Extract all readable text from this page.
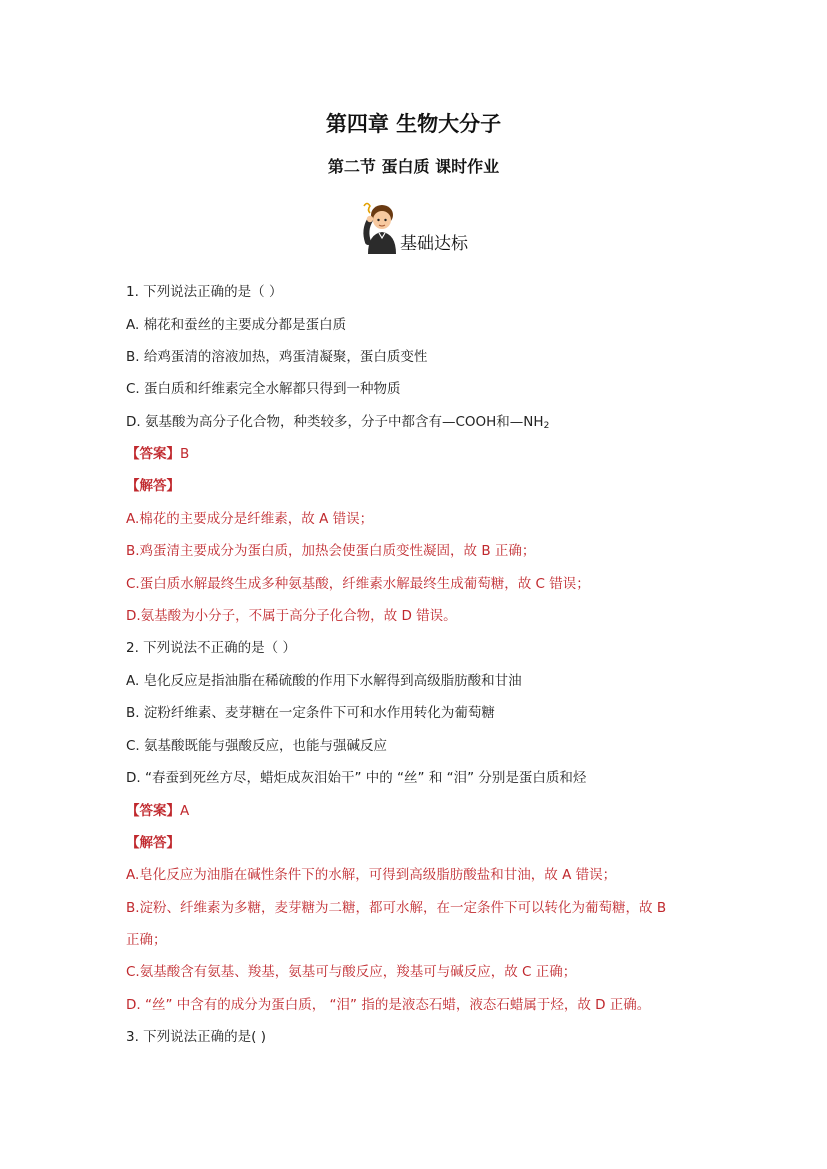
第四章 生物大分子
第二节 蛋白质 课时作业
基础达标
1. 下列说法正确的是（ ）
A. 棉花和蚕丝的主要成分都是蛋白质
B. 给鸡蛋清的溶液加热，鸡蛋清凝聚，蛋白质变性
C. 蛋白质和纤维素完全水解都只得到一种物质
D. 氨基酸为高分子化合物，种类较多，分子中都含有—COOH和$—NH_2$
【答案】B
【解答】
A.棉花的主要成分是纤维素，故 A 错误；
B.鸡蛋清主要成分为蛋白质，加热会使蛋白质变性凝固，故 B 正确；
C.蛋白质水解最终生成多种氨基酸，纤维素水解最终生成葡萄糖，故 C 错误；
D.氨基酸为小分子，不属于高分子化合物，故 D 错误。
2. 下列说法不正确的是（ ）
A. 皂化反应是指油脂在稀硫酸的作用下水解得到高级脂肪酸和甘油
B. 淀粉纤维素、麦芽糖在一定条件下可和水作用转化为葡萄糖
C. 氨基酸既能与强酸反应，也能与强碱反应
D. “春蚕到死丝方尽，蜡炬成灰泪始干” 中的 “丝” 和 “泪” 分别是蛋白质和烃
【答案】A
【解答】
A.皂化反应为油脂在碱性条件下的水解，可得到高级脂肪酸盐和甘油，故 A 错误；
B.淀粉、纤维素为多糖，麦芽糖为二糖，都可水解，在一定条件下可以转化为葡萄糖，故 B
正确；
C.氨基酸含有氨基、羧基，氨基可与酸反应，羧基可与碱反应，故 C 正确；
D. “丝” 中含有的成分为蛋白质， “泪” 指的是液态石蜡，液态石蜡属于烃，故 D 正确。
3. 下列说法正确的是( )
